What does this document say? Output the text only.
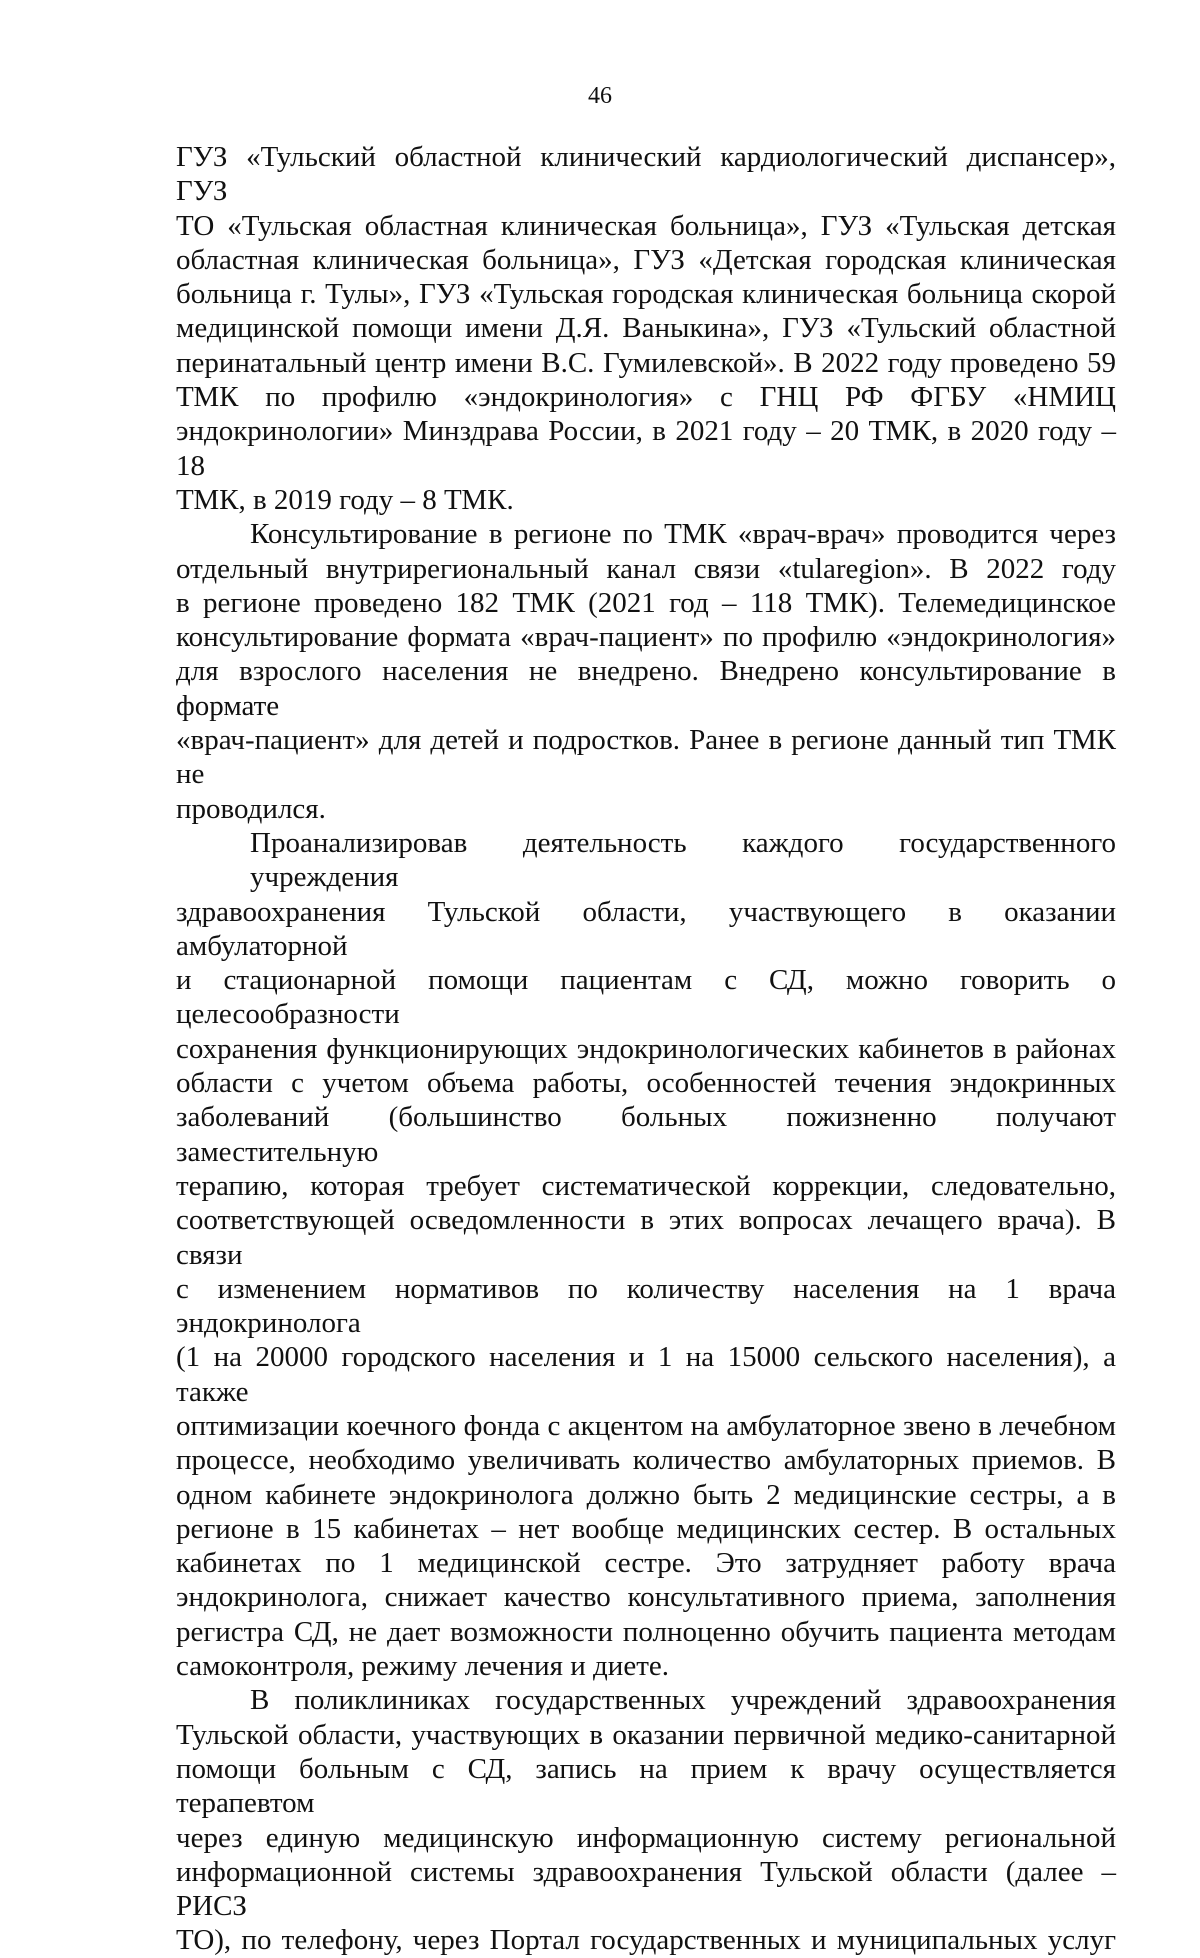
46
ГУЗ «Тульский областной клинический кардиологический диспансер», ГУЗ
ТО «Тульская областная клиническая больница», ГУЗ «Тульская детская
областная клиническая больница», ГУЗ «Детская городская клиническая
больница г. Тулы», ГУЗ «Тульская городская клиническая больница скорой
медицинской помощи имени Д.Я. Ваныкина», ГУЗ «Тульский областной
перинатальный центр имени В.С. Гумилевской». В 2022 году проведено 59
ТМК по профилю «эндокринология» с ГНЦ РФ ФГБУ «НМИЦ
эндокринологии» Минздрава России, в 2021 году – 20 ТМК, в 2020 году – 18
ТМК, в 2019 году – 8 ТМК.
Консультирование в регионе по ТМК «врач-врач» проводится через
отдельный внутрирегиональный канал связи «tularegion». В 2022 году
в регионе проведено 182 ТМК (2021 год – 118 ТМК). Телемедицинское
консультирование формата «врач-пациент» по профилю «эндокринология»
для взрослого населения не внедрено. Внедрено консультирование в формате
«врач-пациент» для детей и подростков. Ранее в регионе данный тип ТМК не
проводился.
Проанализировав деятельность каждого государственного учреждения
здравоохранения Тульской области, участвующего в оказании амбулаторной
и стационарной помощи пациентам с СД, можно говорить о целесообразности
сохранения функционирующих эндокринологических кабинетов в районах
области с учетом объема работы, особенностей течения эндокринных
заболеваний (большинство больных пожизненно получают заместительную
терапию, которая требует систематической коррекции, следовательно,
соответствующей осведомленности в этих вопросах лечащего врача). В связи
с изменением нормативов по количеству населения на 1 врача эндокринолога
(1 на 20000 городского населения и 1 на 15000 сельского населения), а также
оптимизации коечного фонда с акцентом на амбулаторное звено в лечебном
процессе, необходимо увеличивать количество амбулаторных приемов. В
одном кабинете эндокринолога должно быть 2 медицинские сестры, а в
регионе в 15 кабинетах – нет вообще медицинских сестер. В остальных
кабинетах по 1 медицинской сестре. Это затрудняет работу врача
эндокринолога, снижает качество консультативного приема, заполнения
регистра СД, не дает возможности полноценно обучить пациента методам
самоконтроля, режиму лечения и диете.
В поликлиниках государственных учреждений здравоохранения
Тульской области, участвующих в оказании первичной медико-санитарной
помощи больным с СД, запись на прием к врачу осуществляется терапевтом
через единую медицинскую информационную систему региональной
информационной системы здравоохранения Тульской области (далее – РИСЗ
ТО), по телефону, через Портал государственных и муниципальных услуг
